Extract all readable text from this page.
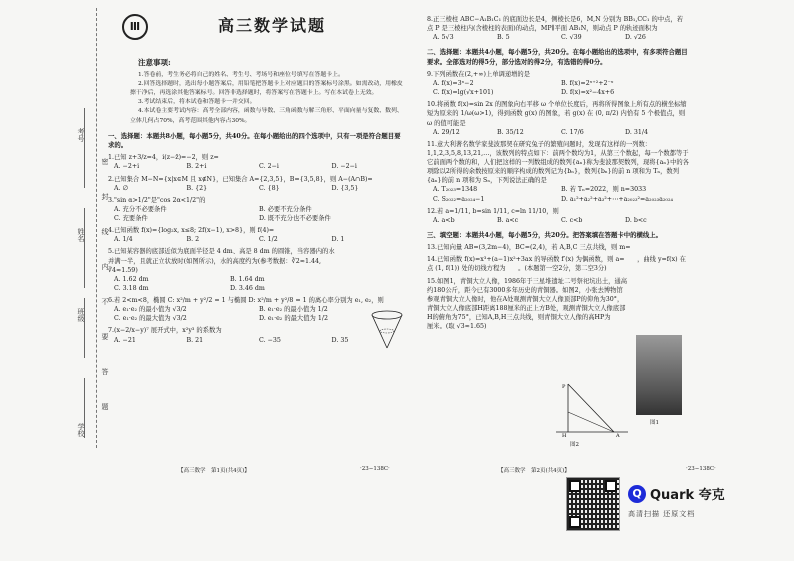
考号
姓名
班级
学校
密
封
线
内
不
要
答
题
Ⅲ	高三数学试题
注意事项:

1.答卷前，考生务必将自己的姓名、考生号、考场号和座位号填写在答题卡上。

2.回答选择题时，选出每小题答案后，用铅笔把答题卡上对应题目的答案标号涂黑。如需改动，用橡皮擦干净后，再选涂其他答案标号。回答非选择题时，将答案写在答题卡上。写在本试卷上无效。

3.考试结束后，将本试卷和答题卡一并交回。

4.本试卷主要考试内容：高考全部内容，函数与导数、三角函数与解三角形、平面向量与复数、数列、立体几何占70%，高考范围其他内容占30%。

一、选择题：本题共8小题，每小题5分，共40分。在每小题给出的四个选项中，只有一项是符合题目要求的。
1.已知 z+3/z=4，i(z−z̄)=−2，则 z=
A. −2+i	B. 2+i	C. 2−i	D. −2−i
2.已知集合 M−N={x|x∈M 且 x∉N}，已知集合 A={2,3,5}，B={3,5,8}，则 A−(A∩B)=
A. ∅	B. {2}	C. {8}	D. {3,5}
3."sin α>1/2"是"cos 2α<1/2"的
A. 充分不必要条件	B. 必要不充分条件
C. 充要条件	D. 既不充分也不必要条件
4.已知函数 f(x)={log₂x, x≤8; 2f(x−1), x>8}，则 f(4)=
A. 1/4	B. 2	C. 1/2	D. 1
5.已知某容器的底部近似为底面半径是 4 dm、高是 8 dm 的圆锥，当容器内的水并满一半，且就正立状放时(如图所示)，水的高度约为(参考数据：∛2≈1.44, ∛4≈1.59)
A. 1.62 dm	B. 1.64 dm
C. 3.18 dm	D. 3.46 dm
6.若 2<m<8，椭圆 C: x²/m + y²/2 = 1 与椭圆 D: x²/m + y²/8 = 1 的离心率分别为 e₁, e₂，则
A. e₁·e₂ 的最小值为 √3/2	B. e₁·e₂ 的最小值为 1/2
C. e₁·e₂ 的最大值为 √3/2	D. e₁·e₂ 的最大值为 1/2
7.(x−2/x−y)⁷ 展开式中，x²y³ 的系数为
A. −21	B. 21	C. −35	D. 35
【高三数学　第1页(共4页)】	·23−138C·
8.正三棱柱 ABC−A₁B₁C₁ 的底面边长是4，侧棱长是6，M,N 分别为 BB₁,CC₁ 的中点，若点 P 是三棱柱内(含棱柱的表面)的动点，MP∥平面 AB₁N，则动点 P 的轨迹面积为
A. 5√3	B. 5	C. √39	D. √26
二、选择题：本题共4小题，每小题5分，共20分。在每小题给出的选项中，有多项符合题目要求。全部选对的得5分，部分选对的得2分，有选错的得0分。
9.下列函数在(2,+∞)上单调递增的是
A. f(x)=3ˣ−2	B. f(x)=2ˣ⁺²+2⁻ˣ
C. f(x)=lg(√x+101)	D. f(x)=x²−4x+6
10.将函数 f(x)=sin 2x 的图象向右平移 ω 个单位长度后，再将所得图象上所有点的横坐标缩短为原来的 1/ω(ω>1)，得到函数 g(x) 的图象，若 g(x) 在 (0, π/2) 内恰有 5 个极值点，则 ω 的值可能是
A. 29/12	B. 35/12	C. 17/6	D. 31/4
11.意大利著名数学家斐波那契在研究兔子的繁殖问题时，发现有这样的一列数：1,1,2,3,5,8,13,21,…，该数列的特点如下：前两个数均为1，从第三个数起，每一个数都等于它前面两个数的和，人们把这样的一列数组成的数列{aₙ}称为斐波那契数列，现将{aₙ}中的各项除以2所得的余数按原来的顺序构成的数列记为{bₙ}，数列{bₙ}的前 n 项和为 Tₙ，数列{aₙ}的前 n 项和为 Sₙ，下列说法正确的是
A. T₂₀₂₃=1348	B. 若 Tₙ=2022，则 n=3033
C. S₂₀₂₂=a₂₀₂₄−1	D. a₁²+a₂²+a₃²+⋯+a₂₀₂₃²=a₂₀₂₃a₂₀₂₄
12.若 a=1/11, b=sin 1/11, c=ln 11/10，则
A. a<b	B. a<c	C. c<b	D. b<c
三、填空题：本题共4小题，每小题5分，共20分。把答案填在答题卡中的横线上。
13.已知向量 AB=(3,2m−4)，BC=(2,4)，若 A,B,C 三点共线，则 m=
14.已知函数 f(x)=x³+(a−1)x²+3ax 的导函数 f′(x) 为偶函数，则 a=　　，曲线 y=f(x) 在点 (1, f(1)) 处的切线方程为　　。(本题第一空2分，第二空3分)
15.如图1，青铜大立人像，1986年于三星堆遗址二号祭祀坑出土，通高约180公斤，距今已有3000多年历史的青铜器。如图2，小张去博物馆参观青铜大立人像时，他在A处观测青铜大立人像顶部P的仰角为30°，青铜大立人像底部H距离188厘米的正上方B处，观测青铜大立人像底部H的俯角为75°，已知A,B,H三点共线，则青铜大立人像的高HP为　　厘米。(取 √3≈1.65)
图1
P
H	A
图2
【高三数学　第2页(共4页)】	·23−138C·
Q Quark 夸克
高清扫描 还原文档
